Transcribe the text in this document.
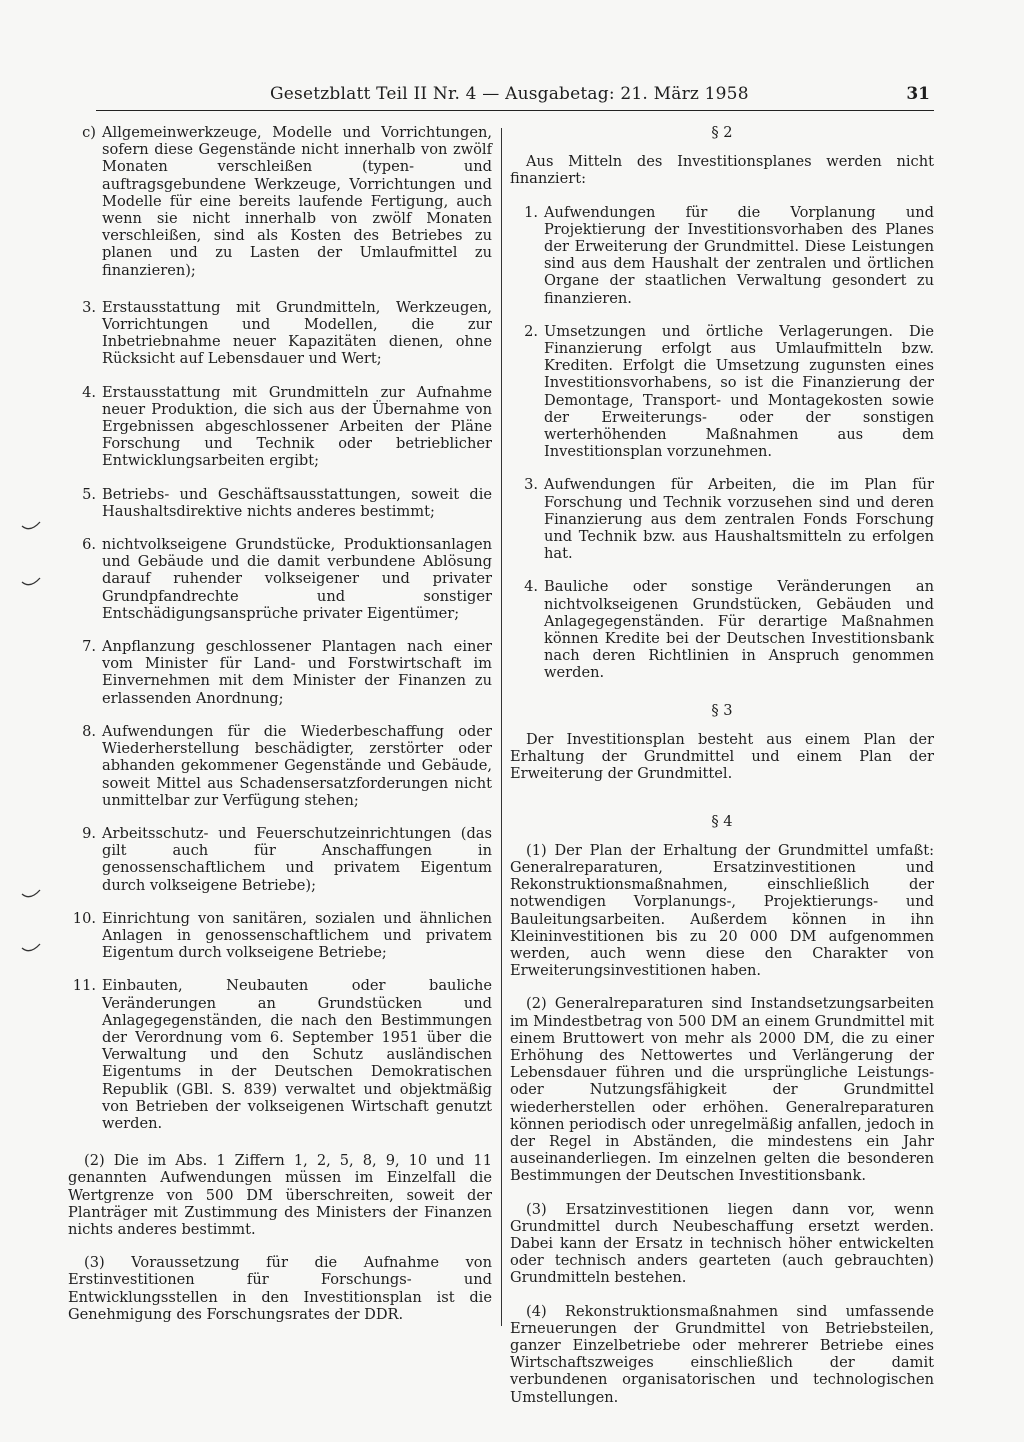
Gesetzblatt Teil II Nr. 4 — Ausgabetag: 21. März 1958	31
c) Allgemeinwerkzeuge, Modelle und Vorrichtungen, sofern diese Gegenstände nicht innerhalb von zwölf Monaten verschleißen (typen- und auftragsgebundene Werkzeuge, Vorrichtungen und Modelle für eine bereits laufende Fertigung, auch wenn sie nicht innerhalb von zwölf Monaten verschleißen, sind als Kosten des Betriebes zu planen und zu Lasten der Umlaufmittel zu finanzieren);
3. Erstausstattung mit Grundmitteln, Werkzeugen, Vorrichtungen und Modellen, die zur Inbetriebnahme neuer Kapazitäten dienen, ohne Rücksicht auf Lebensdauer und Wert;
4. Erstausstattung mit Grundmitteln zur Aufnahme neuer Produktion, die sich aus der Übernahme von Ergebnissen abgeschlossener Arbeiten der Pläne Forschung und Technik oder betrieblicher Entwicklungsarbeiten ergibt;
5. Betriebs- und Geschäftsausstattungen, soweit die Haushaltsdirektive nichts anderes bestimmt;
6. nichtvolkseigene Grundstücke, Produktionsanlagen und Gebäude und die damit verbundene Ablösung darauf ruhender volkseigener und privater Grundpfandrechte und sonstiger Entschädigungsansprüche privater Eigentümer;
7. Anpflanzung geschlossener Plantagen nach einer vom Minister für Land- und Forstwirtschaft im Einvernehmen mit dem Minister der Finanzen zu erlassenden Anordnung;
8. Aufwendungen für die Wiederbeschaffung oder Wiederherstellung beschädigter, zerstörter oder abhanden gekommener Gegenstände und Gebäude, soweit Mittel aus Schadensersatzforderungen nicht unmittelbar zur Verfügung stehen;
9. Arbeitsschutz- und Feuerschutzeinrichtungen (das gilt auch für Anschaffungen in genossenschaftlichem und privatem Eigentum durch volkseigene Betriebe);
10. Einrichtung von sanitären, sozialen und ähnlichen Anlagen in genossenschaftlichem und privatem Eigentum durch volkseigene Betriebe;
11. Einbauten, Neubauten oder bauliche Veränderungen an Grundstücken und Anlagegegenständen, die nach den Bestimmungen der Verordnung vom 6. September 1951 über die Verwaltung und den Schutz ausländischen Eigentums in der Deutschen Demokratischen Republik (GBl. S. 839) verwaltet und objektmäßig von Betrieben der volkseigenen Wirtschaft genutzt werden.

(2) Die im Abs. 1 Ziffern 1, 2, 5, 8, 9, 10 und 11 genannten Aufwendungen müssen im Einzelfall die Wertgrenze von 500 DM überschreiten, soweit der Planträger mit Zustimmung des Ministers der Finanzen nichts anderes bestimmt.

(3) Voraussetzung für die Aufnahme von Erstinvestitionen für Forschungs- und Entwicklungsstellen in den Investitionsplan ist die Genehmigung des Forschungsrates der DDR.

§ 2

Aus Mitteln des Investitionsplanes werden nicht finanziert:

1. Aufwendungen für die Vorplanung und Projektierung der Investitionsvorhaben des Planes der Erweiterung der Grundmittel. Diese Leistungen sind aus dem Haushalt der zentralen und örtlichen Organe der staatlichen Verwaltung gesondert zu finanzieren.
2. Umsetzungen und örtliche Verlagerungen. Die Finanzierung erfolgt aus Umlaufmitteln bzw. Krediten. Erfolgt die Umsetzung zugunsten eines Investitionsvorhabens, so ist die Finanzierung der Demontage, Transport- und Montagekosten sowie der Erweiterungs- oder der sonstigen werterhöhenden Maßnahmen aus dem Investitionsplan vorzunehmen.
3. Aufwendungen für Arbeiten, die im Plan für Forschung und Technik vorzusehen sind und deren Finanzierung aus dem zentralen Fonds Forschung und Technik bzw. aus Haushaltsmitteln zu erfolgen hat.
4. Bauliche oder sonstige Veränderungen an nichtvolkseigenen Grundstücken, Gebäuden und Anlagegegenständen. Für derartige Maßnahmen können Kredite bei der Deutschen Investitionsbank nach deren Richtlinien in Anspruch genommen werden.
§ 3

Der Investitionsplan besteht aus einem Plan der Erhaltung der Grundmittel und einem Plan der Erweiterung der Grundmittel.

§ 4

(1) Der Plan der Erhaltung der Grundmittel umfaßt: Generalreparaturen, Ersatzinvestitionen und Rekonstruktionsmaßnahmen, einschließlich der notwendigen Vorplanungs-, Projektierungs- und Bauleitungsarbeiten. Außerdem können in ihn Kleininvestitionen bis zu 20 000 DM aufgenommen werden, auch wenn diese den Charakter von Erweiterungsinvestitionen haben.

(2) Generalreparaturen sind Instandsetzungsarbeiten im Mindestbetrag von 500 DM an einem Grundmittel mit einem Bruttowert von mehr als 2000 DM, die zu einer Erhöhung des Nettowertes und Verlängerung der Lebensdauer führen und die ursprüngliche Leistungs- oder Nutzungsfähigkeit der Grundmittel wiederherstellen oder erhöhen. Generalreparaturen können periodisch oder unregelmäßig anfallen, jedoch in der Regel in Abständen, die mindestens ein Jahr auseinanderliegen. Im einzelnen gelten die besonderen Bestimmungen der Deutschen Investitionsbank.

(3) Ersatzinvestitionen liegen dann vor, wenn Grundmittel durch Neubeschaffung ersetzt werden. Dabei kann der Ersatz in technisch höher entwickelten oder technisch anders gearteten (auch gebrauchten) Grundmitteln bestehen.

(4) Rekonstruktionsmaßnahmen sind umfassende Erneuerungen der Grundmittel von Betriebsteilen, ganzer Einzelbetriebe oder mehrerer Betriebe eines Wirtschaftszweiges einschließlich der damit verbundenen organisatorischen und technologischen Umstellungen.
